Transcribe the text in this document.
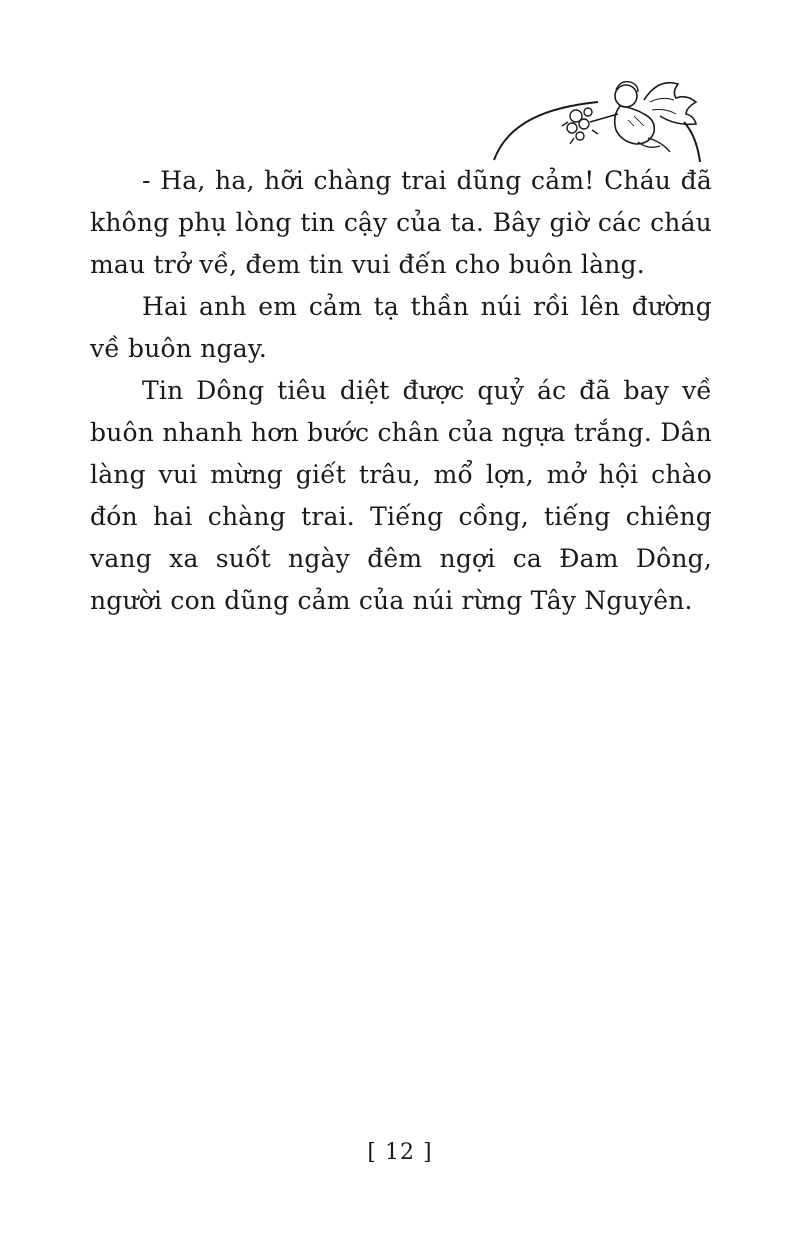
- Ha, ha, hỡi chàng trai dũng cảm! Cháu đã không phụ lòng tin cậy của ta. Bây giờ các cháu mau trở về, đem tin vui đến cho buôn làng.

Hai anh em cảm tạ thần núi rồi lên đường về buôn ngay.

Tin Dông tiêu diệt được quỷ ác đã bay về buôn nhanh hơn bước chân của ngựa trắng. Dân làng vui mừng giết trâu, mổ lợn, mở hội chào đón hai chàng trai. Tiếng cồng, tiếng chiêng vang xa suốt ngày đêm ngợi ca Đam Dông, người con dũng cảm của núi rừng Tây Nguyên.

[ 12 ]
